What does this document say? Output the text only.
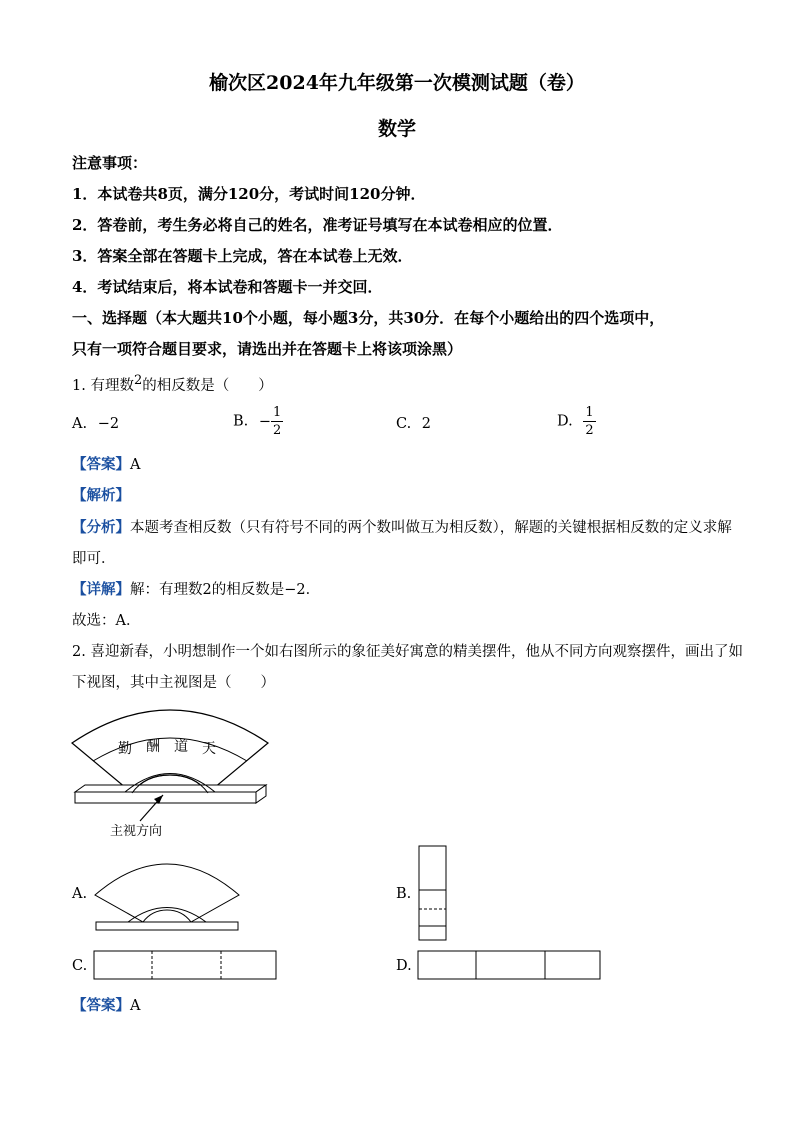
榆次区2024年九年级第一次模测试题（卷）
数学
注意事项：
1．本试卷共8页，满分120分，考试时间120分钟．
2．答卷前，考生务必将自己的姓名，准考证号填写在本试卷相应的位置．
3．答案全部在答题卡上完成，答在本试卷上无效．
4．考试结束后，将本试卷和答题卡一并交回．
一、选择题（本大题共10个小题，每小题3分，共30分．在每个小题给出的四个选项中，
只有一项符合题目要求，请选出并在答题卡上将该项涂黑）
1. 有理数2的相反数是（　　）
A. −2	B. − $\frac{1}{2}$	C. 2	D. $\frac{1}{2}$
【答案】A
【解析】
【分析】本题考查相反数（只有符号不同的两个数叫做互为相反数），解题的关键根据相反数的定义求解
即可．
【详解】解：有理数2的相反数是−2．
故选：A．
2. 喜迎新春，小明想制作一个如右图所示的象征美好寓意的精美摆件，他从不同方向观察摆件，画出了如
下视图，其中主视图是（　　）
勤 酬 道 天
主视方向
A.	B.
C.	D.
【答案】A
